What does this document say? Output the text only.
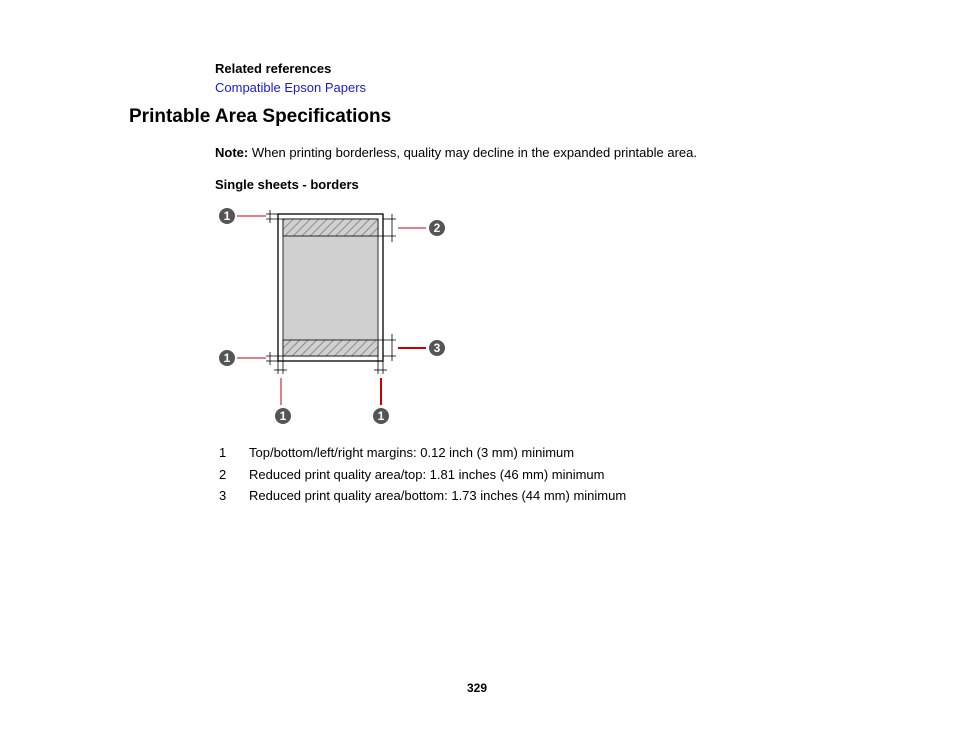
Related references
Compatible Epson Papers
Printable Area Specifications
Note: When printing borderless, quality may decline in the expanded printable area.
Single sheets - borders
1
1
2
3
1	1
1	Top/bottom/left/right margins: 0.12 inch (3 mm) minimum
2	Reduced print quality area/top: 1.81 inches (46 mm) minimum
3	Reduced print quality area/bottom: 1.73 inches (44 mm) minimum
329
